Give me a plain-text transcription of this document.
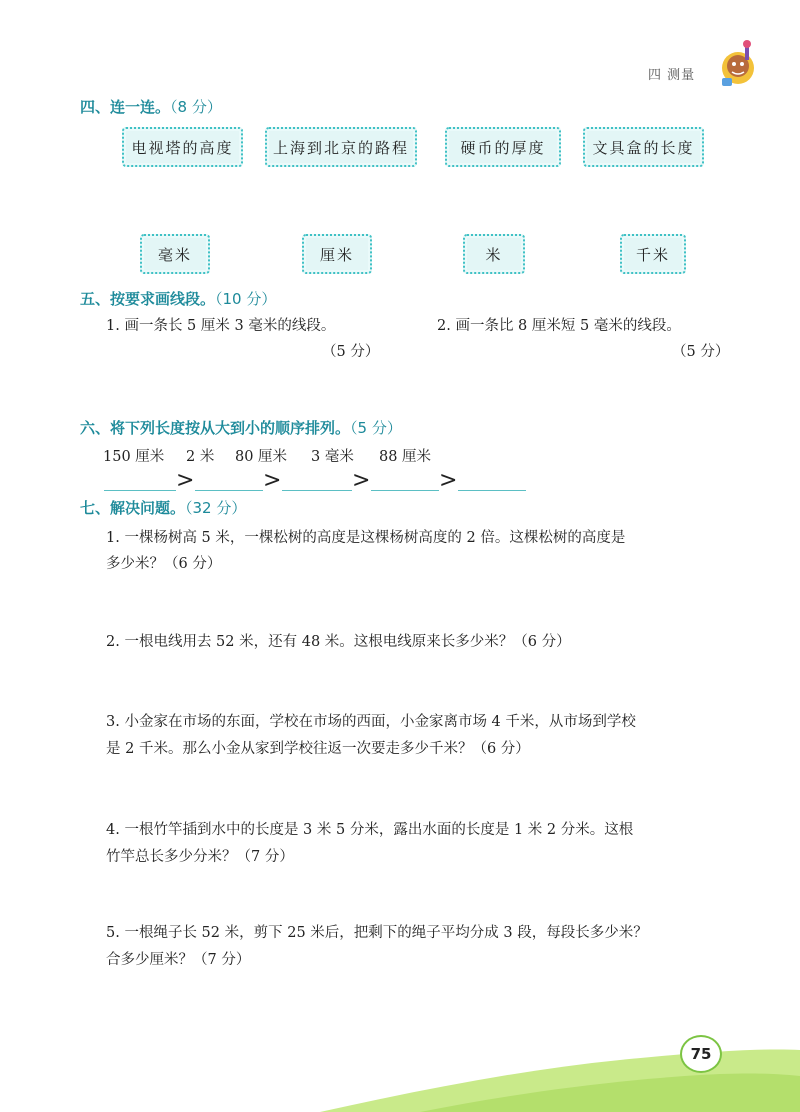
四 测量
四、连一连。（8 分）
电视塔的高度	上海到北京的路程	硬币的厚度	文具盒的长度
毫米	厘米	米	千米
五、按要求画线段。（10 分）
1. 画一条长 5 厘米 3 毫米的线段。
（5 分）
2. 画一条比 8 厘米短 5 毫米的线段。
（5 分）
六、将下列长度按从大到小的顺序排列。（5 分）
150 厘米 2 米 80 厘米 3 毫米 88 厘米
>	>	>	>
七、解决问题。（32 分）
1. 一棵杨树高 5 米，一棵松树的高度是这棵杨树高度的 2 倍。这棵松树的高度是
多少米？（6 分）
2. 一根电线用去 52 米，还有 48 米。这根电线原来长多少米？（6 分）
3. 小金家在市场的东面，学校在市场的西面，小金家离市场 4 千米，从市场到学校
是 2 千米。那么小金从家到学校往返一次要走多少千米？（6 分）
4. 一根竹竿插到水中的长度是 3 米 5 分米，露出水面的长度是 1 米 2 分米。这根
竹竿总长多少分米？（7 分）
5. 一根绳子长 52 米，剪下 25 米后，把剩下的绳子平均分成 3 段，每段长多少米？
合多少厘米？（7 分）
75
